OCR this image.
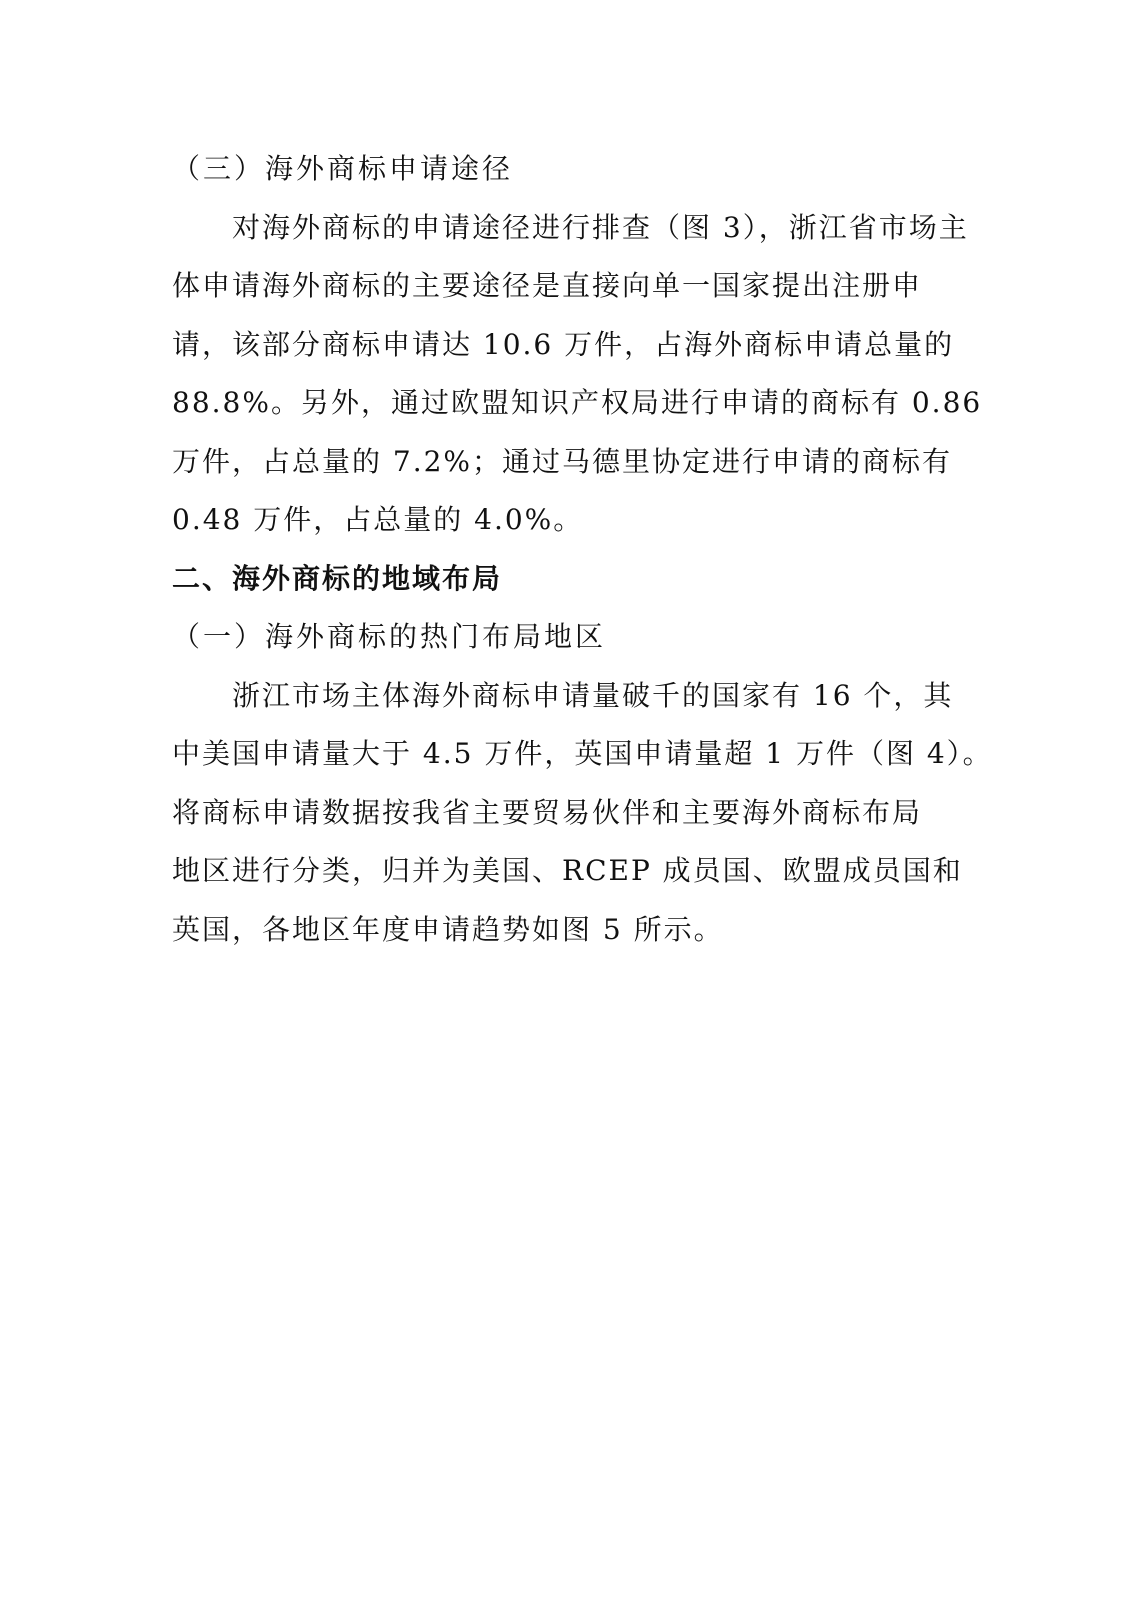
（三）海外商标申请途径

对海外商标的申请途径进行排查（图 3），浙江省市场主

体申请海外商标的主要途径是直接向单一国家提出注册申

请，该部分商标申请达 10.6 万件，占海外商标申请总量的

88.8%。另外，通过欧盟知识产权局进行申请的商标有 0.86

万件，占总量的 7.2%；通过马德里协定进行申请的商标有

0.48 万件，占总量的 4.0%。

二、海外商标的地域布局

（一）海外商标的热门布局地区

浙江市场主体海外商标申请量破千的国家有 16 个，其

中美国申请量大于 4.5 万件，英国申请量超 1 万件（图 4）。

将商标申请数据按我省主要贸易伙伴和主要海外商标布局

地区进行分类，归并为美国、RCEP 成员国、欧盟成员国和

英国，各地区年度申请趋势如图 5 所示。
